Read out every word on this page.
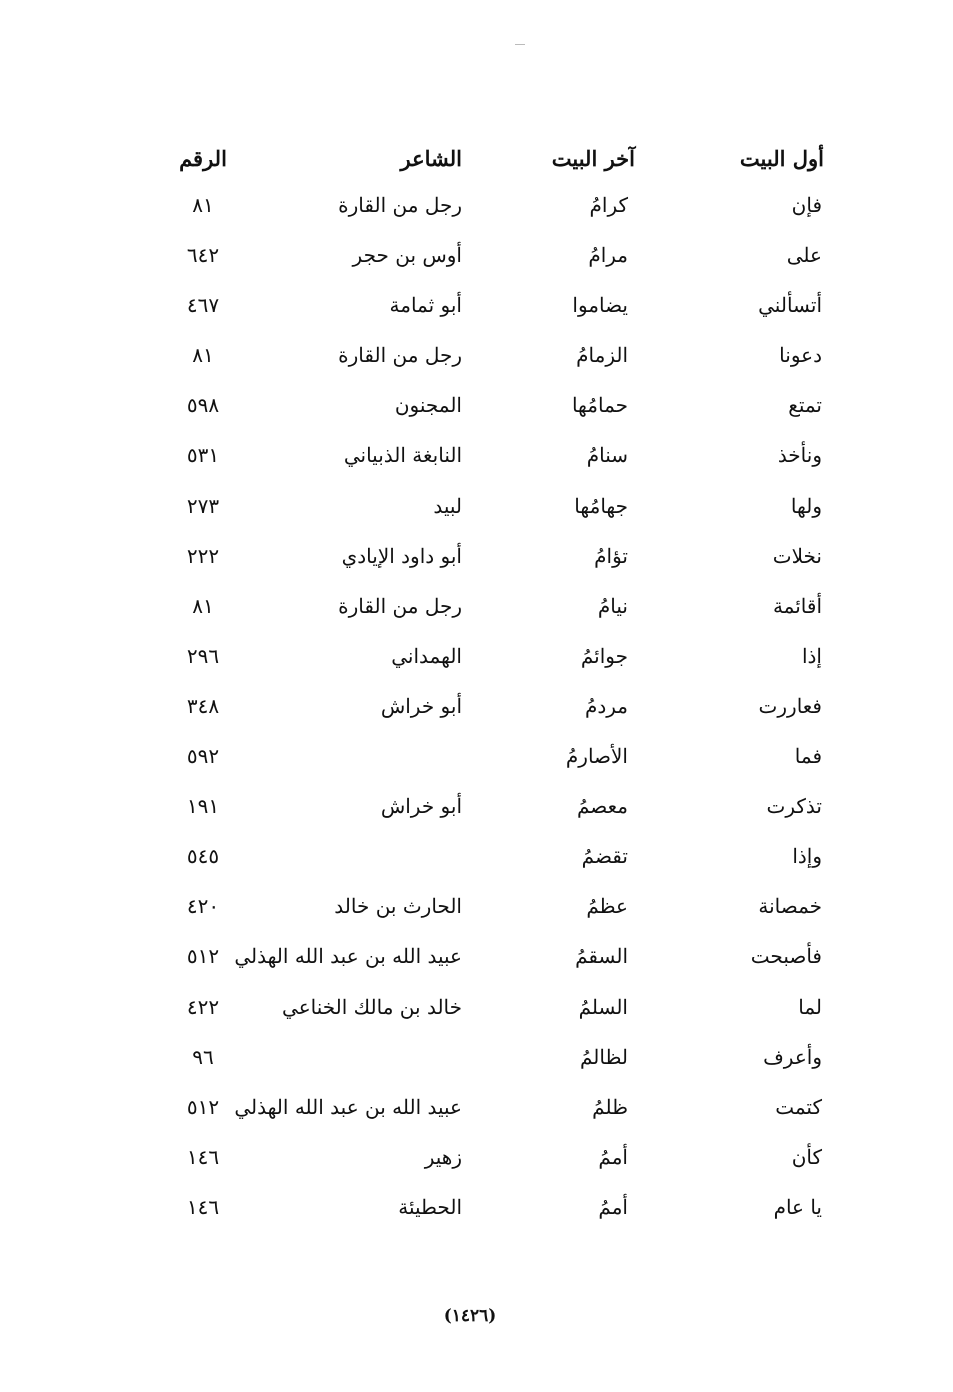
أول البيت
آخر البيت
الشاعر
الرقم
فإن
كرامُ
رجل من القارة
٨١
على
مرامُ
أوس بن حجر
٦٤٢
أتسألني
يضاموا
أبو ثمامة
٤٦٧
دعونا
الزمامُ
رجل من القارة
٨١
تمتع
حمامُها
المجنون
٥٩٨
ونأخذ
سنامُ
النابغة الذبياني
٥٣١
ولها
جهامُها
لبيد
٢٧٣
نخلات
تؤامُ
أبو داود الإيادي
٢٢٢
أقائمة
نيامُ
رجل من القارة
٨١
إذا
جوائمُ
الهمداني
٢٩٦
فعاررت
مردمُ
أبو خراش
٣٤٨
فما
الأصارمُ
٥٩٢
تذكرت
معصمُ
أبو خراش
١٩١
وإذا
تقضمُ
٥٤٥
خمصانة
عظمُ
الحارث بن خالد
٤٢٠
فأصبحت
السقمُ
عبيد الله بن عبد الله الهذلي
٥١٢
لما
السلمُ
خالد بن مالك الخناعي
٤٢٢
وأعرف
لظالمُ
٩٦
كتمت
ظلمُ
عبيد الله بن عبد الله الهذلي
٥١٢
كأن
أممُ
زهير
١٤٦
يا عام
أممُ
الحطيئة
١٤٦
(١٤٢٦)
